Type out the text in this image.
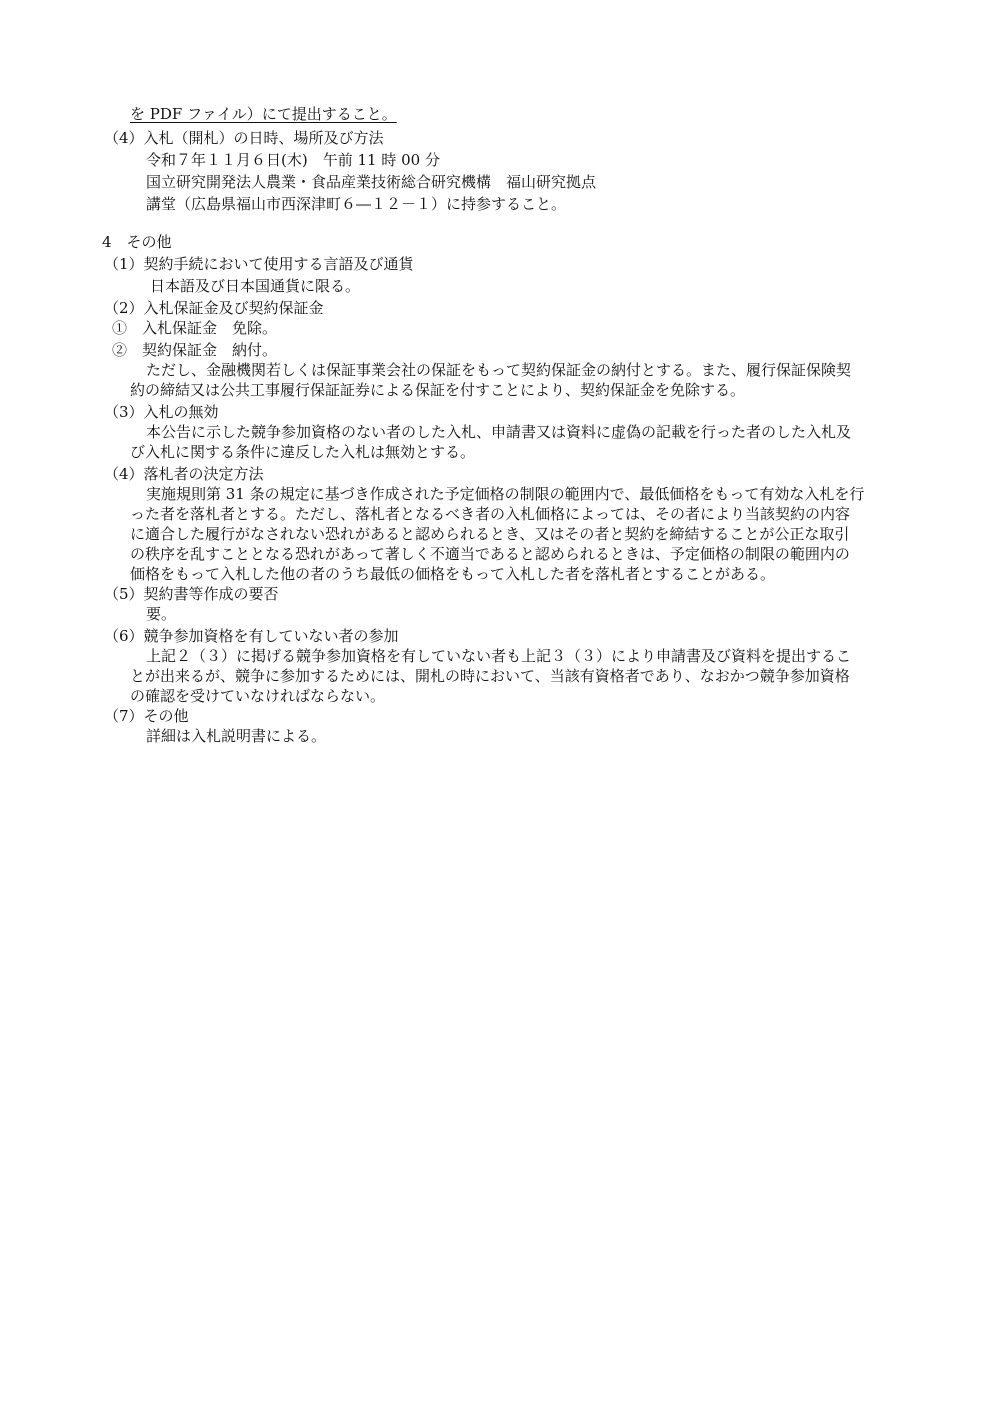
を PDF ファイル）にて提出すること。
（4）入札（開札）の日時、場所及び方法
令和７年１１月６日(木)　午前 11 時 00 分
国立研究開発法人農業・食品産業技術総合研究機構　福山研究拠点
講堂（広島県福山市西深津町６―１２－１）に持参すること。
4　その他
（1）契約手続において使用する言語及び通貨
日本語及び日本国通貨に限る。
（2）入札保証金及び契約保証金
①　入札保証金　免除。
②　契約保証金　納付。
ただし、金融機関若しくは保証事業会社の保証をもって契約保証金の納付とする。また、履行保証保険契
約の締結又は公共工事履行保証証券による保証を付すことにより、契約保証金を免除する。
（3）入札の無効
本公告に示した競争参加資格のない者のした入札、申請書又は資料に虚偽の記載を行った者のした入札及
び入札に関する条件に違反した入札は無効とする。
（4）落札者の決定方法
実施規則第 31 条の規定に基づき作成された予定価格の制限の範囲内で、最低価格をもって有効な入札を行
った者を落札者とする。ただし、落札者となるべき者の入札価格によっては、その者により当該契約の内容
に適合した履行がなされない恐れがあると認められるとき、又はその者と契約を締結することが公正な取引
の秩序を乱すこととなる恐れがあって著しく不適当であると認められるときは、予定価格の制限の範囲内の
価格をもって入札した他の者のうち最低の価格をもって入札した者を落札者とすることがある。
（5）契約書等作成の要否
要。
（6）競争参加資格を有していない者の参加
上記２（３）に掲げる競争参加資格を有していない者も上記３（３）により申請書及び資料を提出するこ
とが出来るが、競争に参加するためには、開札の時において、当該有資格者であり、なおかつ競争参加資格
の確認を受けていなければならない。
（7）その他
詳細は入札説明書による。
